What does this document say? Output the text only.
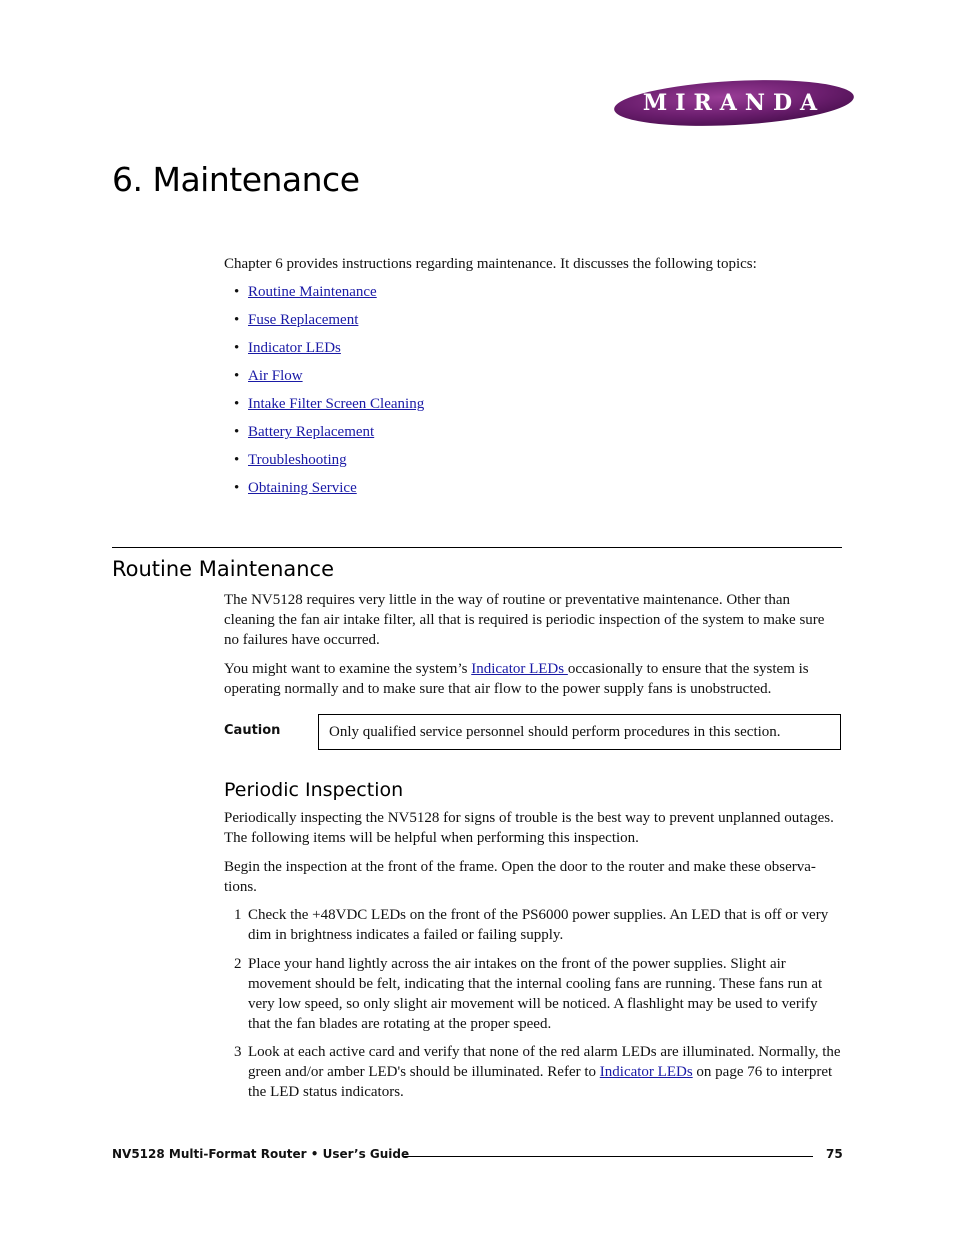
MIRANDA
6. Maintenance

Chapter 6 provides instructions regarding maintenance. It discusses the following topics:

• Routine Maintenance
• Fuse Replacement
• Indicator LEDs
• Air Flow
• Intake Filter Screen Cleaning
• Battery Replacement
• Troubleshooting
• Obtaining Service
Routine Maintenance

The NV5128 requires very little in the way of routine or preventative maintenance. Other than cleaning the fan air intake filter, all that is required is periodic inspection of the system to make sure no failures have occurred.

You might want to examine the system’s Indicator LEDs occasionally to ensure that the system is operating normally and to make sure that air flow to the power supply fans is unobstructed.

Caution	Only qualified service personnel should perform procedures in this section.

Periodic Inspection

Periodically inspecting the NV5128 for signs of trouble is the best way to prevent unplanned outages. The following items will be helpful when performing this inspection.

Begin the inspection at the front of the frame. Open the door to the router and make these observations.

1 Check the +48VDC LEDs on the front of the PS6000 power supplies. An LED that is off or very dim in brightness indicates a failed or failing supply.
2 Place your hand lightly across the air intakes on the front of the power supplies. Slight air movement should be felt, indicating that the internal cooling fans are running. These fans run at very low speed, so only slight air movement will be noticed. A flashlight may be used to verify that the fan blades are rotating at the proper speed.
3 Look at each active card and verify that none of the red alarm LEDs are illuminated. Normally, the green and/or amber LED's should be illuminated. Refer to Indicator LEDs on page 76 to interpret the LED status indicators.

NV5128 Multi-Format Router • User’s Guide	75
